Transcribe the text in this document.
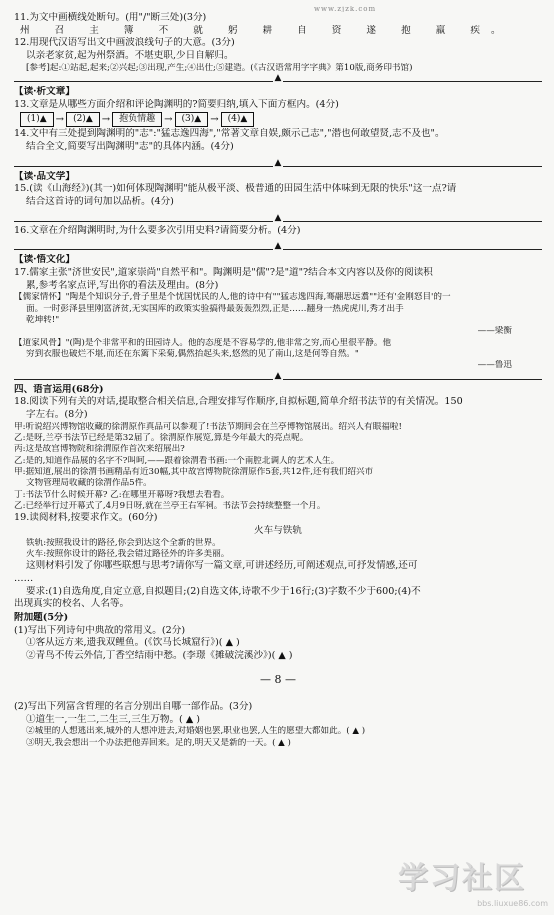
www.zjzk.com
11.为文中画横线处断句。(用"/"断三处)(3分)
州 召 主 簿 不 就 躬 耕 自 资 遂 抱 羸 疾。
12.用现代汉语写出文中画波浪线句子的大意。(3分)
以亲老家贫,起为州祭酒。不堪吏职,少日自解归。
[参考]起:①站起,起来;②兴起;③出现,产生;④出仕;⑤建造。(《古汉语常用字字典》第10版,商务印书馆)
▲
【读·析文章】
13.文章是从哪些方面介绍和评论陶渊明的?简要归纳,填入下面方框内。(4分)
(1)▲ →	(2)▲ →	抱负情趣 →	(3)▲ →	(4)▲
14.文中有三处提到陶渊明的"志":"猛志逸四海","常著文章自娱,颇示己志","潜也何敢望贤,志不及也"。
结合全文,简要写出陶渊明"志"的具体内涵。(4分)
▲
【读·品文学】
15.(读《山海经》)(其一)如何体现陶渊明"能从极平淡、极普通的田园生活中体味到无限的快乐"这一点?请
结合这首诗的词句加以品析。(4分)
▲
16.文章在介绍陶渊明时,为什么要多次引用史料?请简要分析。(4分)
▲
【读·悟文化】
17.儒家主张"济世安民",道家崇尚"自然平和"。陶渊明是"儒"?是"道"?结合本文内容以及你的阅读积
累,参考名家点评,写出你的看法及理由。(8分)
【儒家情怀】"陶是个知识分子,骨子里是个忧国忧民的人,他的诗中有""猛志逸四海,骞翮思远翥""还有'金刚怒目'的一
面。一时彭泽县里刚富济贫,无实国库的政策实验搞得最轰轰烈烈,正是……翻身一热虎虎川,秀才出手
乾坤转!"
——梁衡
【道家风骨】"(陶)是个非常平和的田园诗人。他的态度是不容易学的,他非常之穷,而心里很平静。他
穷到衣服也破烂不堪,而还在东篱下采菊,偶然抬起头来,悠然的见了南山,这是何等自然。"
——鲁迅
▲
四、语言运用(68分)
18.阅读下列有关的对话,提取整合相关信息,合理安排写作顺序,自拟标题,简单介绍书法节的有关情况。150
字左右。(8分)
甲:听说绍兴博物馆收藏的徐渭原作真品可以参观了!书法节期间会在兰亭博物馆展出。绍兴人有眼福啦!
乙:是呀,兰亭书法节已经是第32届了。徐渭原作展览,算是今年最大的亮点呢。
丙:这是故宫博物院和徐渭原作首次来绍展出?
乙:是的,知道作品展的名字不?叫呵,——跟着徐渭看书画:一个南腔北调人的艺术人生。
甲:据知道,展出的徐渭书画精品有近30幅,其中故宫博物院徐渭原作5套,共12件,还有我们绍兴市
文物管理局收藏的徐渭作品5件。
丁:书法节什么时候开幕? 乙:在哪里开幕呀?我想去看看。
乙:已经举行过开幕式了,4月9日呀,就在兰亭王右军祠。书法节会持续整整一个月。
19.读阅材料,按要求作文。(60分)
火车与铁轨
铁轨:按照我设计的路径,你会到达这个全新的世界。
火车:按照你设计的路径,我会错过路径外的许多美丽。
这则材料引发了你哪些联想与思考?请你写一篇文章,可讲述经历,可阐述观点,可抒发情感,还可
……
要求:(1)自选角度,自定立意,自拟题目;(2)自选文体,诗歌不少于16行;(3)字数不少于600;(4)不
出现真实的校名、人名等。
附加题(5分)
(1)写出下列诗句中典故的常用义。(2分)
①客从远方来,遗我双鲤鱼。(《饮马长城窟行》)( ▲ )
②青鸟不传云外信,丁香空结雨中愁。(李璟《摊破浣溪沙》)( ▲ )
— 8 —
(2)写出下列富含哲理的名言分别出自哪一部作品。(3分)
①道生一,一生二,二生三,三生万物。( ▲ )
②城里的人想逃出来,城外的人想冲进去,对婚姻也罢,职业也罢,人生的愿望大都如此。( ▲ )
③明天,我会想出一个办法把他弄回来。足的,明天又是新的一天。( ▲ )
学习社区
bbs.liuxue86.com
